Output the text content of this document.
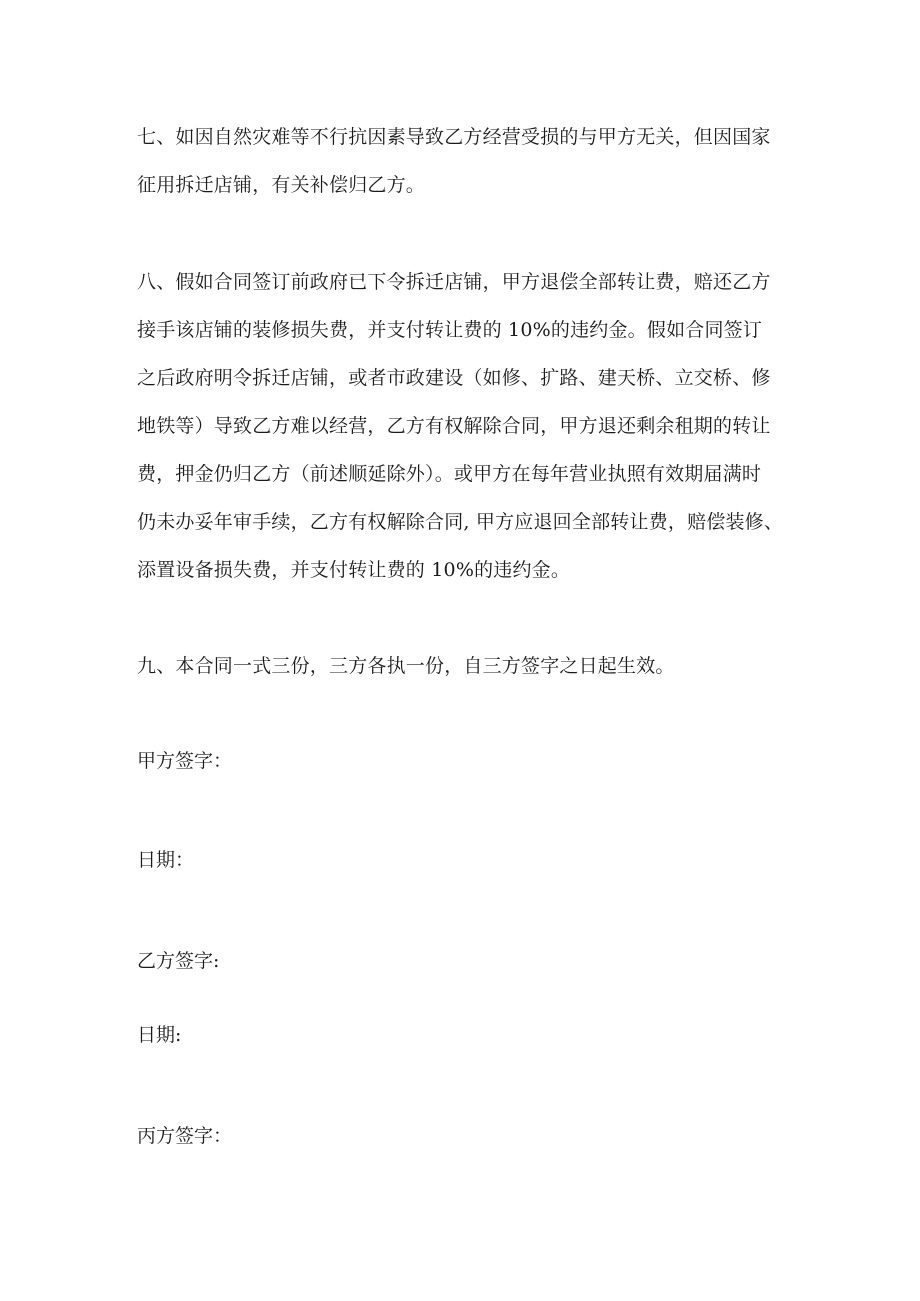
七、如因自然灾难等不行抗因素导致乙方经营受损的与甲方无关，但因国家
征用拆迁店铺，有关补偿归乙方。
八、假如合同签订前政府已下令拆迁店铺，甲方退偿全部转让费，赔还乙方
接手该店铺的装修损失费，并支付转让费的 10%的违约金。假如合同签订
之后政府明令拆迁店铺，或者市政建设（如修、扩路、建天桥、立交桥、修
地铁等）导致乙方难以经营，乙方有权解除合同，甲方退还剩余租期的转让
费，押金仍归乙方（前述顺延除外）。或甲方在每年营业执照有效期届满时
仍未办妥年审手续，乙方有权解除合同, 甲方应退回全部转让费，赔偿装修、
添置设备损失费，并支付转让费的 10%的违约金。
九、本合同一式三份，三方各执一份，自三方签字之日起生效。

甲方签字：

日期：

乙方签字:

日期:

丙方签字：
